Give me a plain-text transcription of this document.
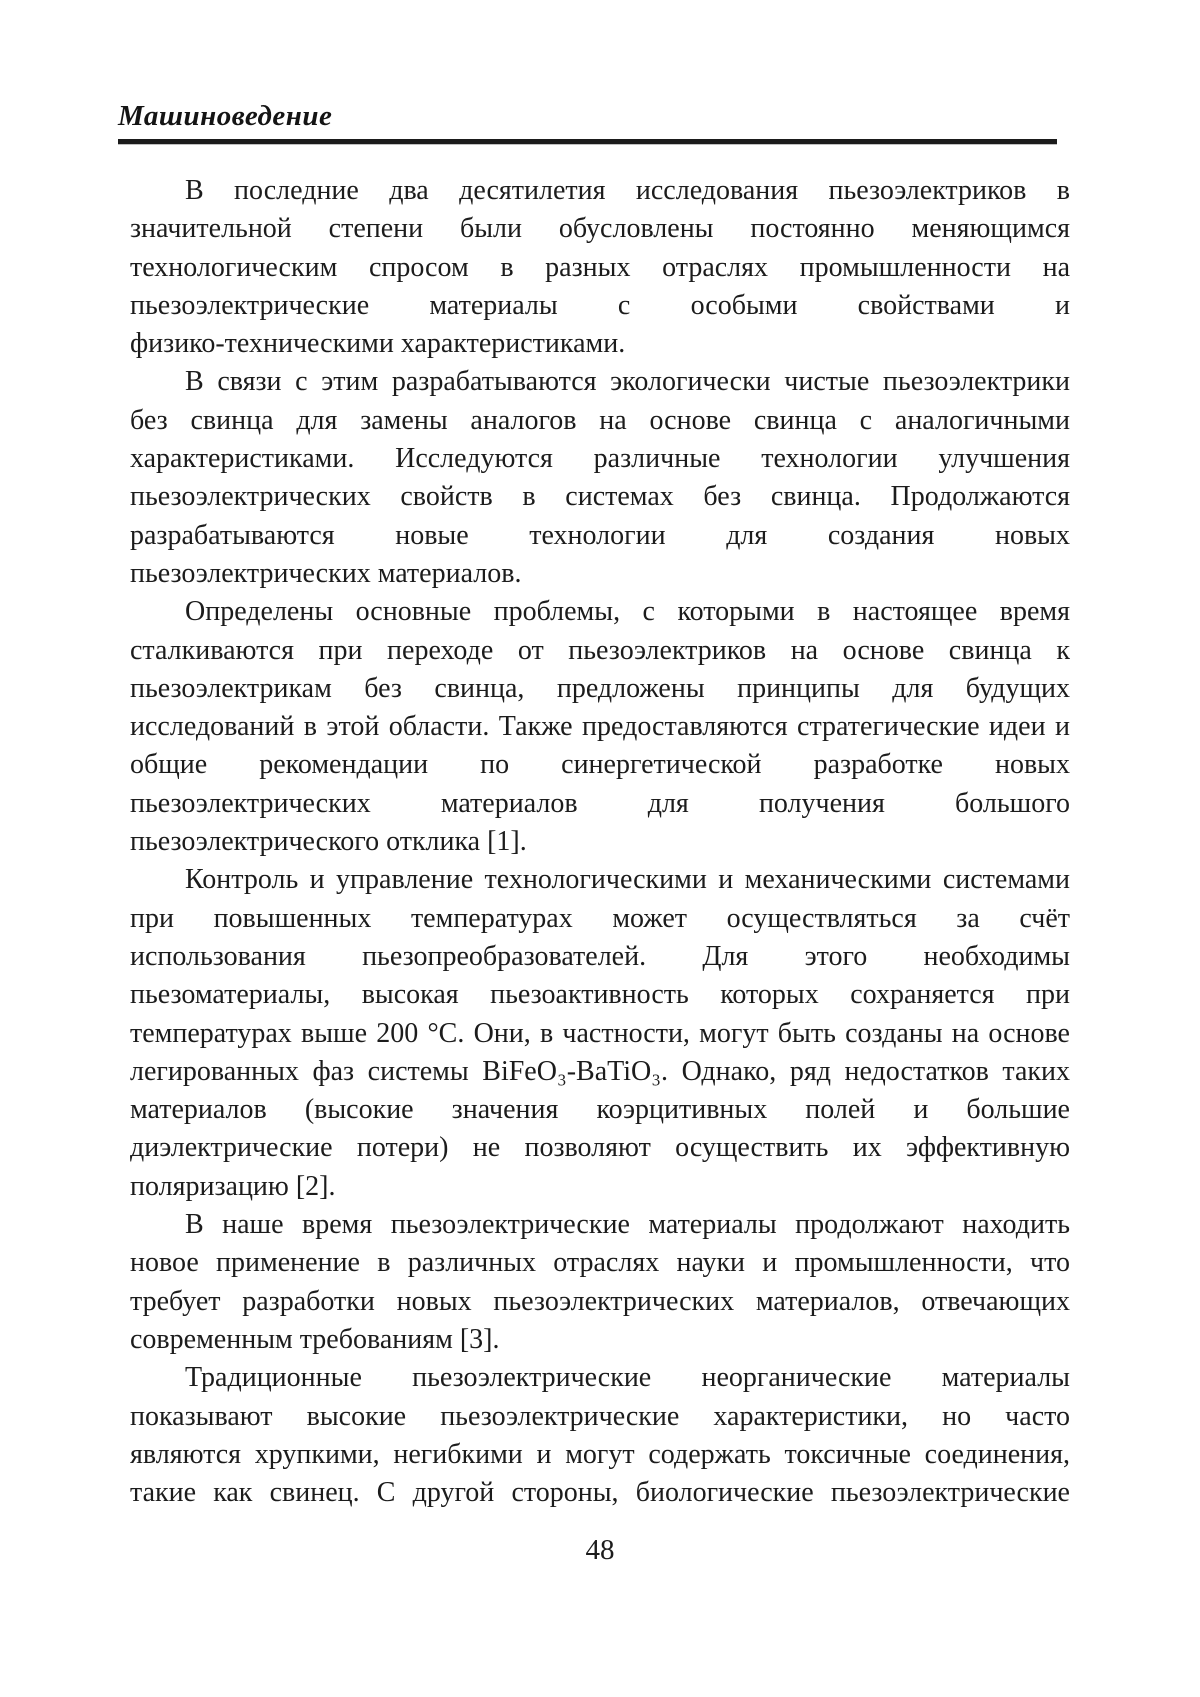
Машиноведение
В последние два десятилетия исследования пьезоэлектриков в
значительной степени были обусловлены постоянно меняющимся
технологическим спросом в разных отраслях промышленности на
пьезоэлектрические материалы с особыми свойствами и
физико-техническими характеристиками.
В связи с этим разрабатываются экологически чистые пьезоэлектрики
без свинца для замены аналогов на основе свинца с аналогичными
характеристиками. Исследуются различные технологии улучшения
пьезоэлектрических свойств в системах без свинца. Продолжаются
разрабатываются новые технологии для создания новых
пьезоэлектрических материалов.
Определены основные проблемы, с которыми в настоящее время
сталкиваются при переходе от пьезоэлектриков на основе свинца к
пьезоэлектрикам без свинца, предложены принципы для будущих
исследований в этой области. Также предоставляются стратегические идеи и
общие рекомендации по синергетической разработке новых
пьезоэлектрических материалов для получения большого
пьезоэлектрического отклика [1].
Контроль и управление технологическими и механическими системами
при повышенных температурах может осуществляться за счёт
использования пьезопреобразователей. Для этого необходимы
пьезоматериалы, высокая пьезоактивность которых сохраняется при
температурах выше 200 °С. Они, в частности, могут быть созданы на основе
легированных фаз системы BiFeO₃-BaTiO₃. Однако, ряд недостатков таких
материалов (высокие значения коэрцитивных полей и большие
диэлектрические потери) не позволяют осуществить их эффективную
поляризацию [2].
В наше время пьезоэлектрические материалы продолжают находить
новое применение в различных отраслях науки и промышленности, что
требует разработки новых пьезоэлектрических материалов, отвечающих
современным требованиям [3].
Традиционные пьезоэлектрические неорганические материалы
показывают высокие пьезоэлектрические характеристики, но часто
являются хрупкими, негибкими и могут содержать токсичные соединения,
такие как свинец. С другой стороны, биологические пьезоэлектрические
48
